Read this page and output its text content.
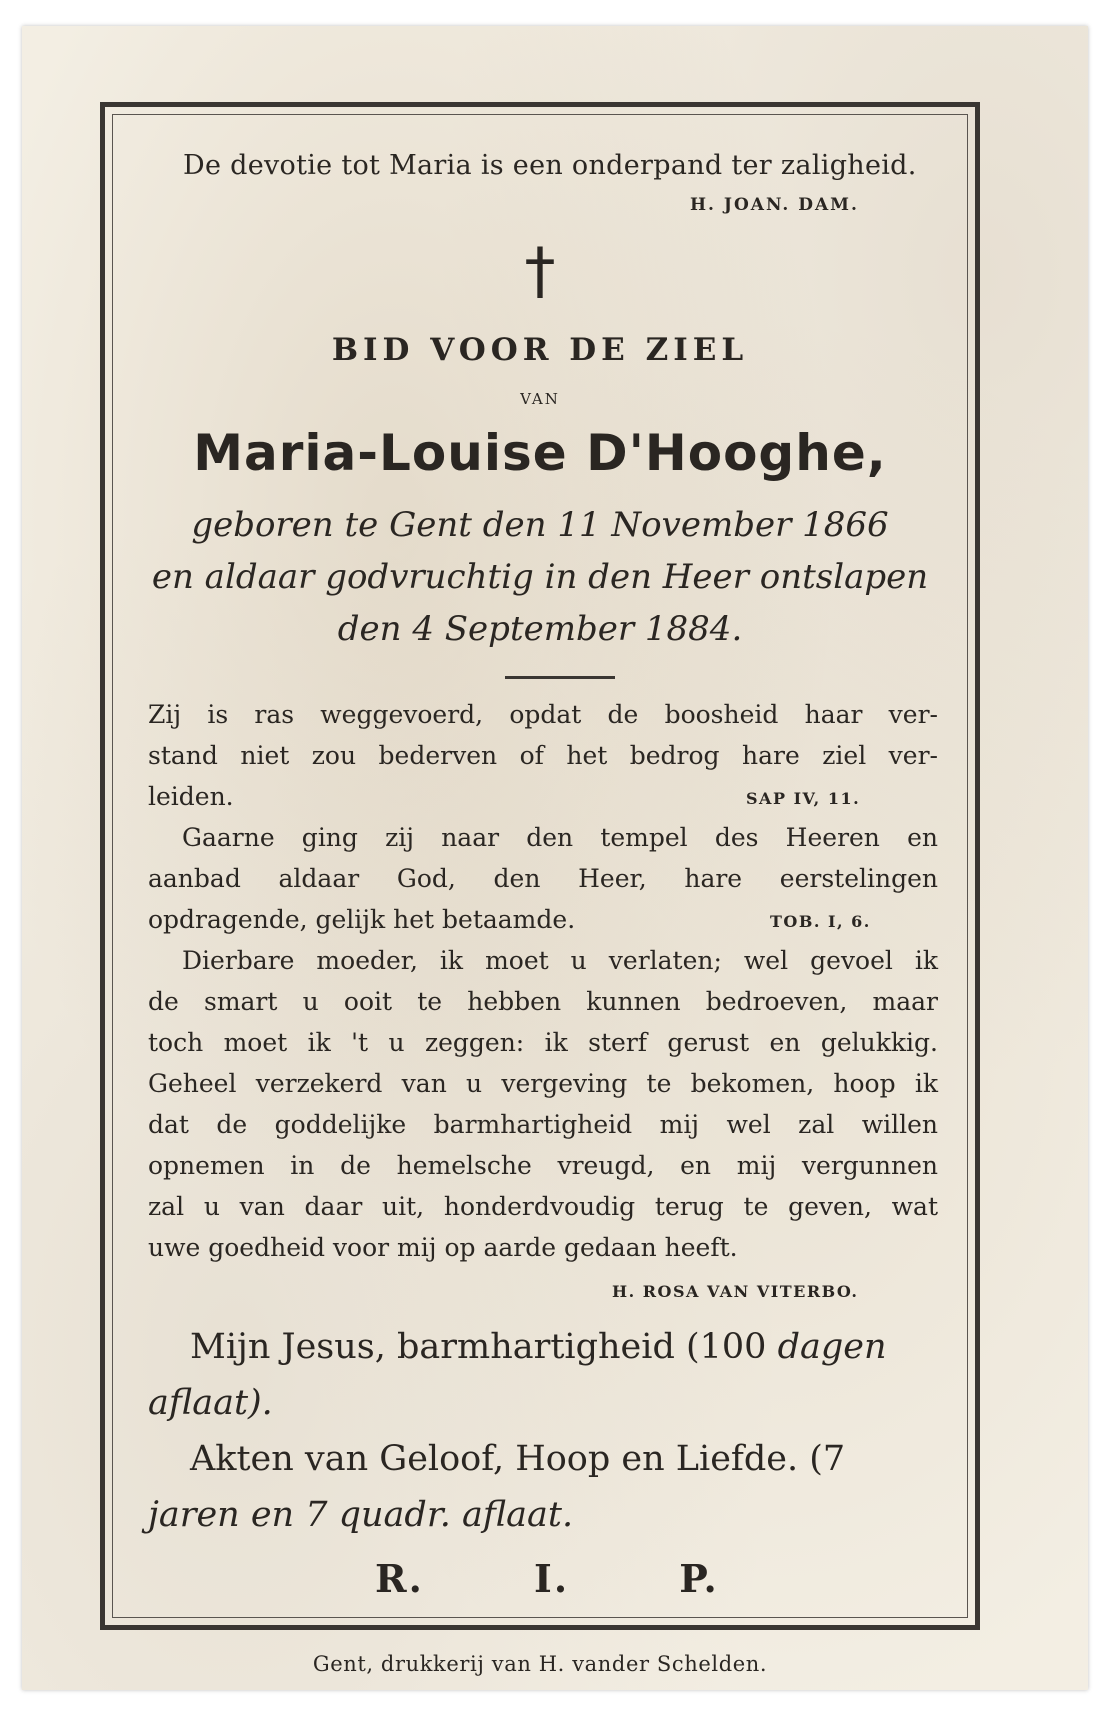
De devotie tot Maria is een onderpand ter zaligheid.
H. JOAN. DAM.
†
BID VOOR DE ZIEL
VAN
Maria-Louise D'Hooghe,
geboren te Gent den 11 November 1866
en aldaar godvruchtig in den Heer ontslapen
den 4 September 1884.
Zij is ras weggevoerd, opdat de boosheid haar ver-
stand niet zou bederven of het bedrog hare ziel ver-
leiden.	SAP IV, 11.
Gaarne ging zij naar den tempel des Heeren en
aanbad aldaar God, den Heer, hare eerstelingen
opdragende, gelijk het betaamde.	TOB. I, 6.
Dierbare moeder, ik moet u verlaten; wel gevoel ik
de smart u ooit te hebben kunnen bedroeven, maar
toch moet ik 't u zeggen: ik sterf gerust en gelukkig.
Geheel verzekerd van u vergeving te bekomen, hoop ik
dat de goddelijke barmhartigheid mij wel zal willen
opnemen in de hemelsche vreugd, en mij vergunnen
zal u van daar uit, honderdvoudig terug te geven, wat
uwe goedheid voor mij op aarde gedaan heeft.
H. ROSA VAN VITERBO.
Mijn Jesus, barmhartigheid (100 dagen
aflaat).
Akten van Geloof, Hoop en Liefde. (7
jaren en 7 quadr. aflaat.
R. I. P.
Gent, drukkerij van H. vander Schelden.
